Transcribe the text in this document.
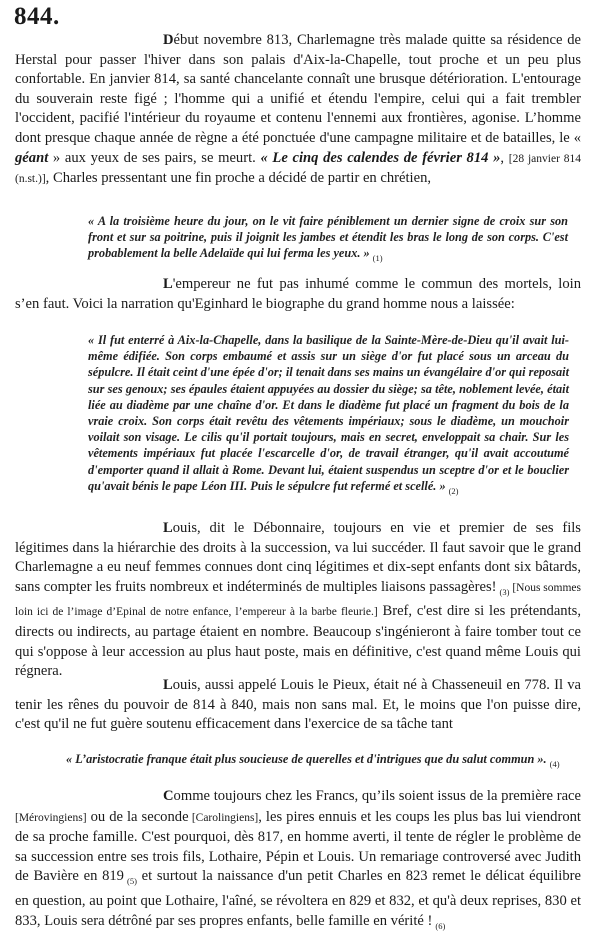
844.
Début novembre 813, Charlemagne très malade quitte sa résidence de Herstal pour passer l'hiver dans son palais d'Aix-la-Chapelle, tout proche et un peu plus confortable. En janvier 814, sa santé chancelante connaît une brusque détérioration. L'entourage du souverain reste figé ; l'homme qui a unifié et étendu l'empire, celui qui a fait trembler l'occident, pacifié l'intérieur du royaume et contenu l'ennemi aux frontières, agonise. L’homme dont presque chaque année de règne a été ponctuée d'une campagne militaire et de batailles, le « géant » aux yeux de ses pairs, se meurt. « Le cinq des calendes de février 814 », [28 janvier 814 (n.st.)], Charles pressentant une fin proche a décidé de partir en chrétien,
« A la troisième heure du jour, on le vit faire péniblement un dernier signe de croix sur son front et sur sa poitrine, puis il joignit les jambes et étendit les bras le long de son corps. C'est probablement la belle Adelaïde qui lui ferma les yeux. » $_{(1)}$
L'empereur ne fut pas inhumé comme le commun des mortels, loin s’en faut. Voici la narration qu'Eginhard le biographe du grand homme nous a laissée:
« Il fut enterré à Aix-la-Chapelle, dans la basilique de la Sainte-Mère-de-Dieu qu'il avait lui-même édifiée. Son corps embaumé et assis sur un siège d'or fut placé sous un arceau du sépulcre. Il était ceint d'une épée d'or; il tenait dans ses mains un évangélaire d'or qui reposait sur ses genoux; ses épaules étaient appuyées au dossier du siège; sa tête, noblement levée, était liée au diadème par une chaîne d'or. Et dans le diadème fut placé un fragment du bois de la vraie croix. Son corps était revêtu des vêtements impériaux; sous le diadème, un mouchoir voilait son visage. Le cilis qu'il portait toujours, mais en secret, enveloppait sa chair. Sur les vêtements impériaux fut placée l'escarcelle d'or, de travail étranger, qu'il avait accoutumé d'emporter quand il allait à Rome. Devant lui, étaient suspendus un sceptre d'or et le bouclier qu'avait bénis le pape Léon III. Puis le sépulcre fut refermé et scellé. » $_{(2)}$
Louis, dit le Débonnaire, toujours en vie et premier de ses fils légitimes dans la hiérarchie des droits à la succession, va lui succéder. Il faut savoir que le grand Charlemagne a eu neuf femmes connues dont cinq légitimes et dix-sept enfants dont six bâtards, sans compter les fruits nombreux et indéterminés de multiples liaisons passagères! $_{(3)}$ [Nous sommes loin ici de l’image d’Epinal de notre enfance, l’empereur à la barbe fleurie.] Bref, c'est dire si les prétendants, directs ou indirects, au partage étaient en nombre. Beaucoup s'ingénieront à faire tomber tout ce qui s'oppose à leur accession au plus haut poste, mais en définitive, c'est quand même Louis qui régnera.
Louis, aussi appelé Louis le Pieux, était né à Chasseneuil en 778. Il va tenir les rênes du pouvoir de 814 à 840, mais non sans mal. Et, le moins que l'on puisse dire, c'est qu'il ne fut guère soutenu efficacement dans l'exercice de sa tâche tant
« L’aristocratie franque était plus soucieuse de querelles et d'intrigues que du salut commun ». $_{(4)}$
Comme toujours chez les Francs, qu’ils soient issus de la première race [Mérovingiens] ou de la seconde [Carolingiens], les pires ennuis et les coups les plus bas lui viendront de sa proche famille. C'est pourquoi, dès 817, en homme averti, il tente de régler le problème de sa succession entre ses trois fils, Lothaire, Pépin et Louis. Un remariage controversé avec Judith de Bavière en 819 $_{(5)}$ et surtout la naissance d'un petit Charles en 823 remet le délicat équilibre en question, au point que Lothaire, l'aîné, se révoltera en 829 et 832, et qu'à deux reprises, 830 et 833, Louis sera détrôné par ses propres enfants, belle famille en vérité ! $_{(6)}$
